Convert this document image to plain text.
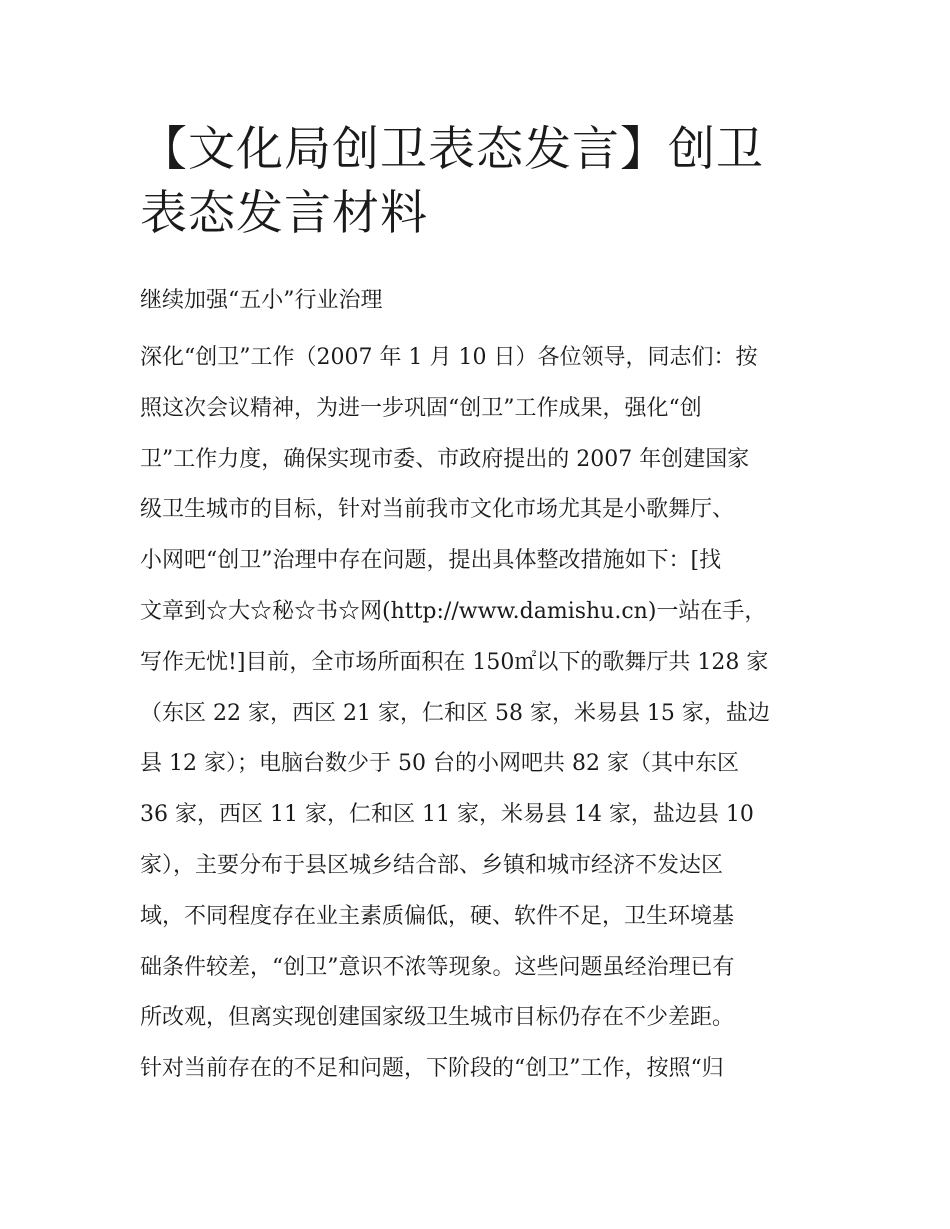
【文化局创卫表态发言】创卫
表态发言材料

继续加强“五小”行业治理

深化“创卫”工作（2007 年 1 月 10 日）各位领导，同志们：按
照这次会议精神，为进一步巩固“创卫”工作成果，强化“创
卫”工作力度，确保实现市委、市政府提出的 2007 年创建国家
级卫生城市的目标，针对当前我市文化市场尤其是小歌舞厅、
小网吧“创卫”治理中存在问题，提出具体整改措施如下：[找
文章到☆大☆秘☆书☆网(http://www.damishu.cn)一站在手，
写作无忧!]目前，全市场所面积在 150㎡以下的歌舞厅共 128 家
（东区 22 家，西区 21 家，仁和区 58 家，米易县 15 家，盐边
县 12 家）；电脑台数少于 50 台的小网吧共 82 家（其中东区
36 家，西区 11 家，仁和区 11 家，米易县 14 家，盐边县 10
家），主要分布于县区城乡结合部、乡镇和城市经济不发达区
域，不同程度存在业主素质偏低，硬、软件不足，卫生环境基
础条件较差，“创卫”意识不浓等现象。这些问题虽经治理已有
所改观，但离实现创建国家级卫生城市目标仍存在不少差距。
针对当前存在的不足和问题，下阶段的“创卫”工作，按照“归
